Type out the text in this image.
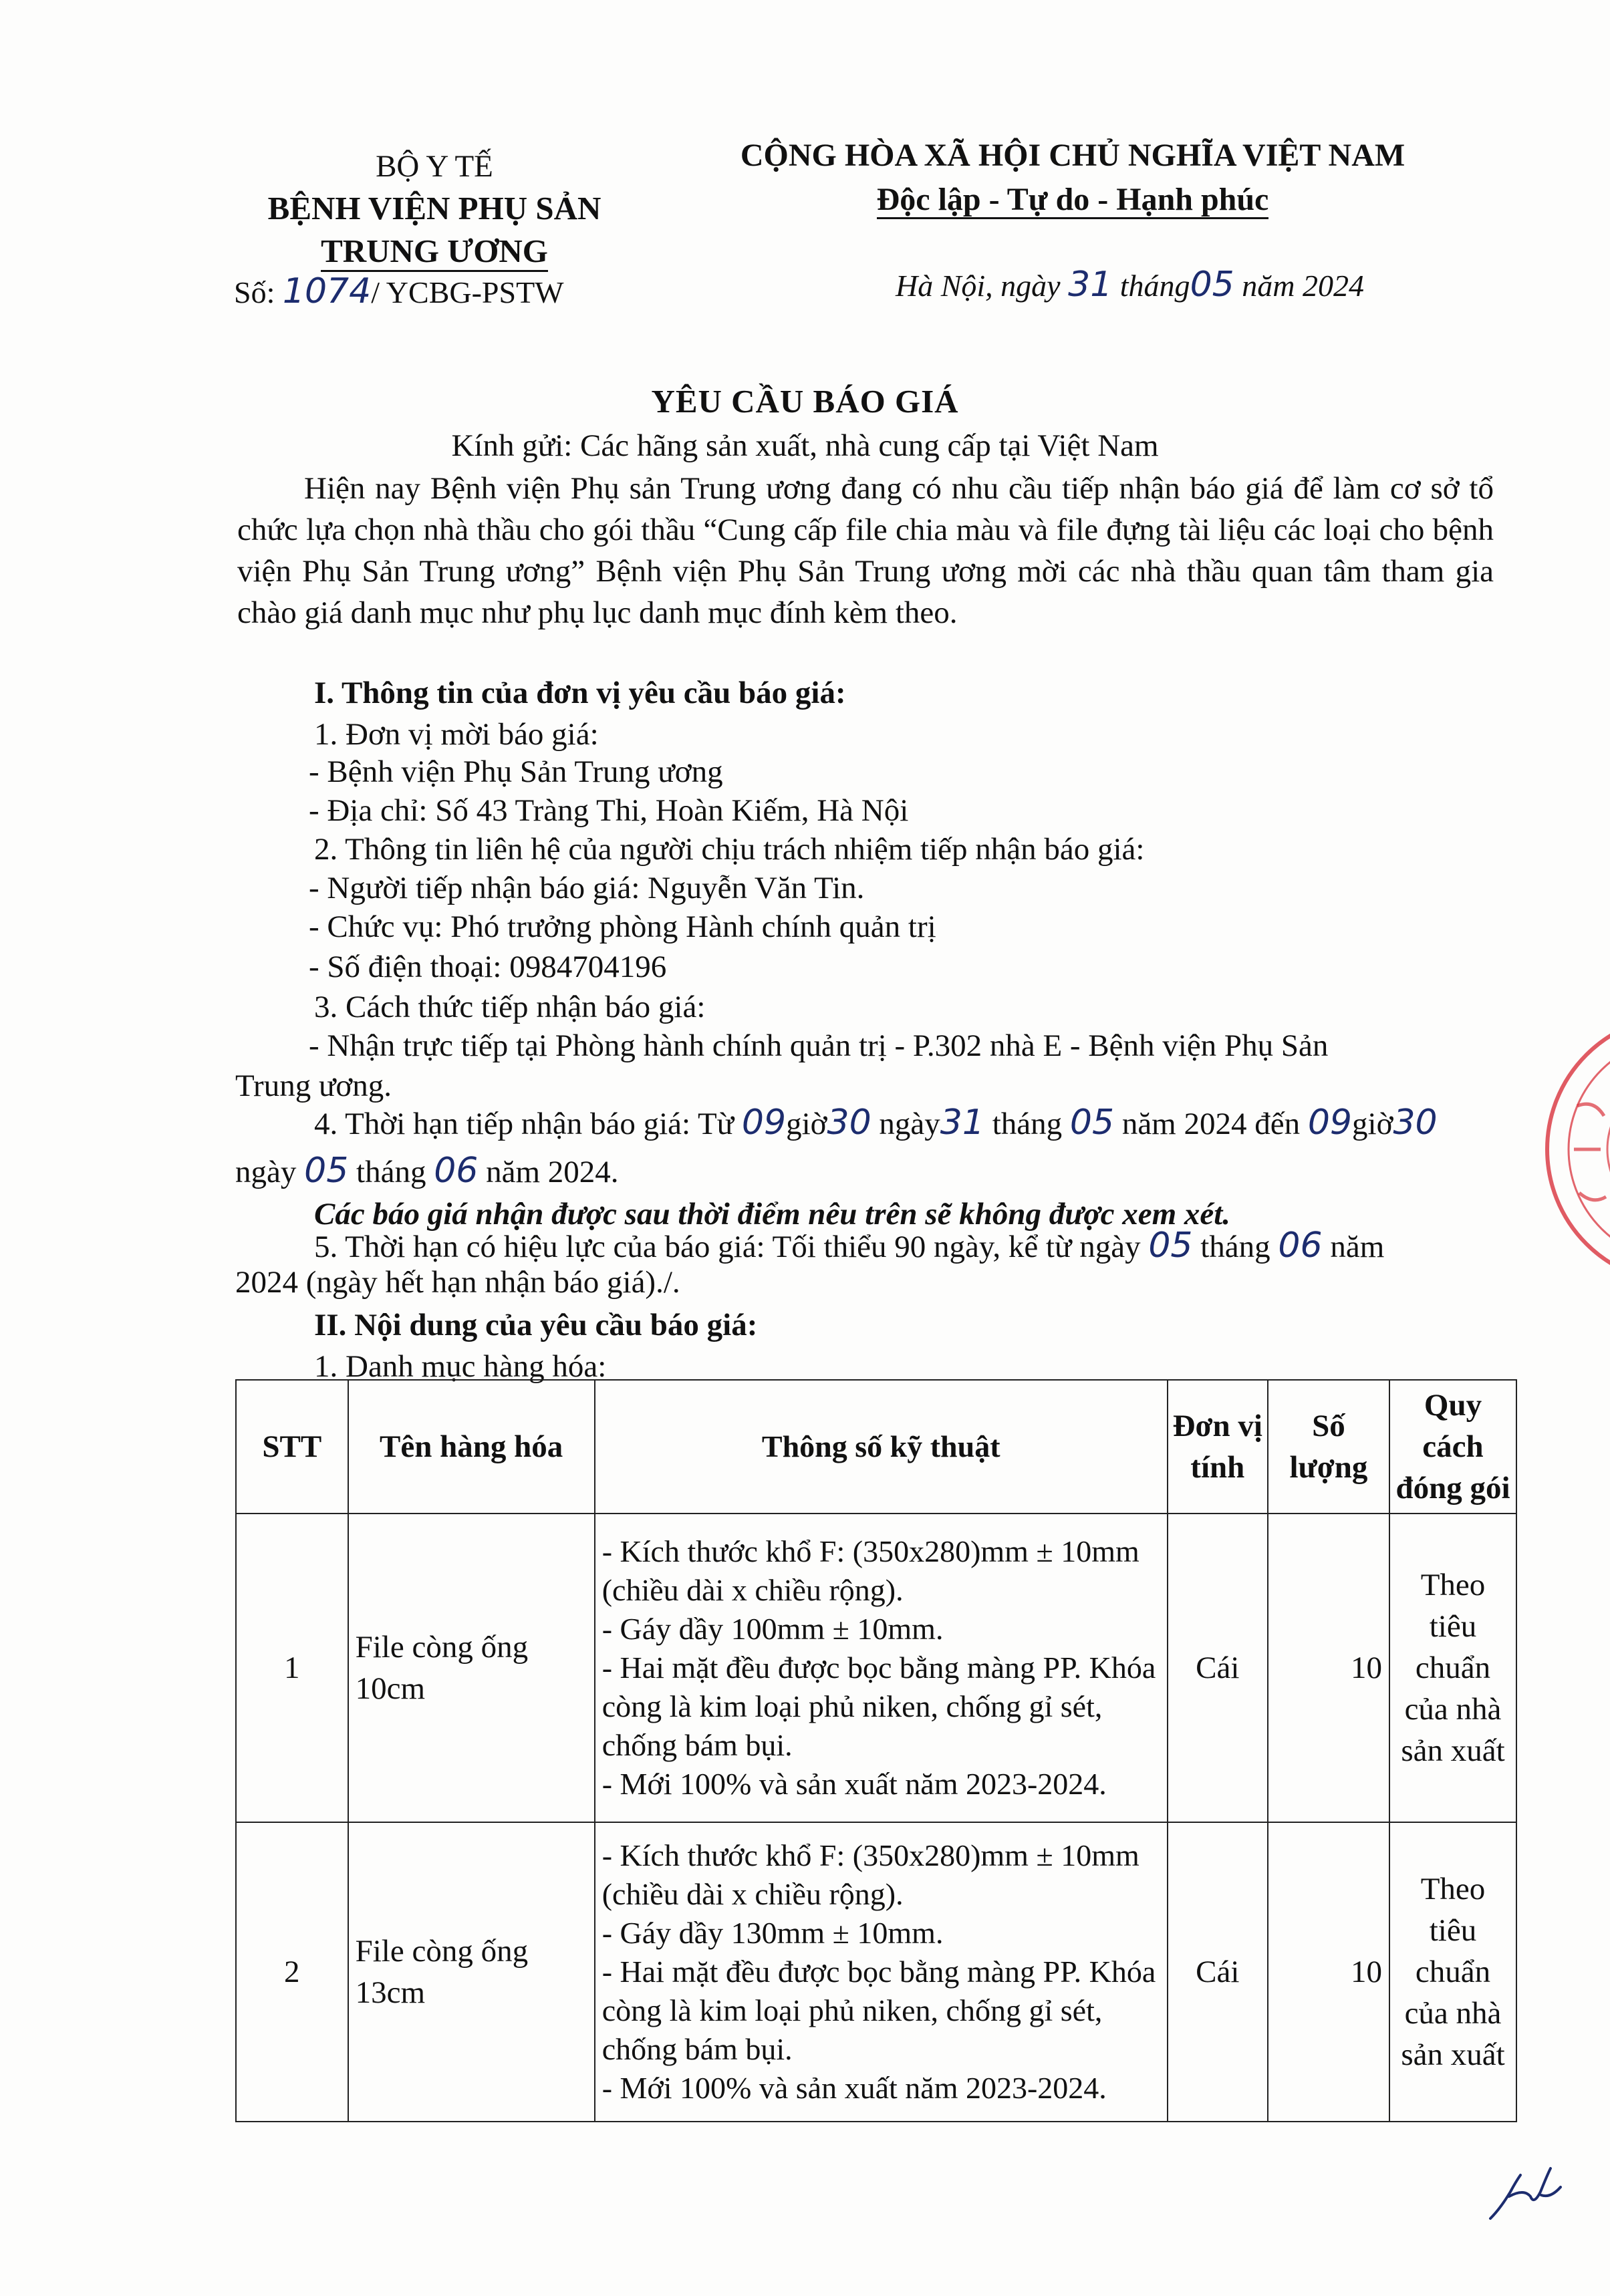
BỘ Y TẾ
BỆNH VIỆN PHỤ SẢN
TRUNG ƯƠNG
Số: 1074/ YCBG-PSTW
CỘNG HÒA XÃ HỘI CHỦ NGHĨA VIỆT NAM
Độc lập - Tự do - Hạnh phúc
Hà Nội, ngày 31 tháng05 năm 2024
YÊU CẦU BÁO GIÁ
Kính gửi: Các hãng sản xuất, nhà cung cấp tại Việt Nam
Hiện nay Bệnh viện Phụ sản Trung ương đang có nhu cầu tiếp nhận báo giá để làm cơ sở tổ chức lựa chọn nhà thầu cho gói thầu “Cung cấp file chia màu và file đựng tài liệu các loại cho bệnh viện Phụ Sản Trung ương” Bệnh viện Phụ Sản Trung ương mời các nhà thầu quan tâm tham gia chào giá danh mục như phụ lục danh mục đính kèm theo.
I. Thông tin của đơn vị yêu cầu báo giá:
1. Đơn vị mời báo giá:
- Bệnh viện Phụ Sản Trung ương
- Địa chỉ: Số 43 Tràng Thi, Hoàn Kiếm, Hà Nội
2. Thông tin liên hệ của người chịu trách nhiệm tiếp nhận báo giá:
- Người tiếp nhận báo giá: Nguyễn Văn Tin.
- Chức vụ: Phó trưởng phòng Hành chính quản trị
- Số điện thoại: 0984704196
3. Cách thức tiếp nhận báo giá:
- Nhận trực tiếp tại Phòng hành chính quản trị - P.302 nhà E - Bệnh viện Phụ Sản
Trung ương.
4. Thời hạn tiếp nhận báo giá: Từ 09giờ30 ngày31 tháng 05 năm 2024 đến 09giờ30
ngày 05 tháng 06 năm 2024.
Các báo giá nhận được sau thời điểm nêu trên sẽ không được xem xét.
5. Thời hạn có hiệu lực của báo giá: Tối thiểu 90 ngày, kể từ ngày 05 tháng 06 năm
2024 (ngày hết hạn nhận báo giá)./.
II. Nội dung của yêu cầu báo giá:
1. Danh mục hàng hóa:
STT	Tên hàng hóa	Thông số kỹ thuật	Đơn vị tính	Số lượng	Quy cách đóng gói
1	File còng ống 10cm	- Kích thước khổ F: (350x280)mm ± 10mm (chiều dài x chiều rộng).
- Gáy dầy 100mm ± 10mm.
- Hai mặt đều được bọc bằng màng PP. Khóa còng là kim loại phủ niken, chống gỉ sét, chống bám bụi.
- Mới 100% và sản xuất năm 2023-2024.	Cái	10	Theo tiêu chuẩn của nhà sản xuất
2	File còng ống 13cm	- Kích thước khổ F: (350x280)mm ± 10mm (chiều dài x chiều rộng).
- Gáy dầy 130mm ± 10mm.
- Hai mặt đều được bọc bằng màng PP. Khóa còng là kim loại phủ niken, chống gỉ sét, chống bám bụi.
- Mới 100% và sản xuất năm 2023-2024.	Cái	10	Theo tiêu chuẩn của nhà sản xuất
